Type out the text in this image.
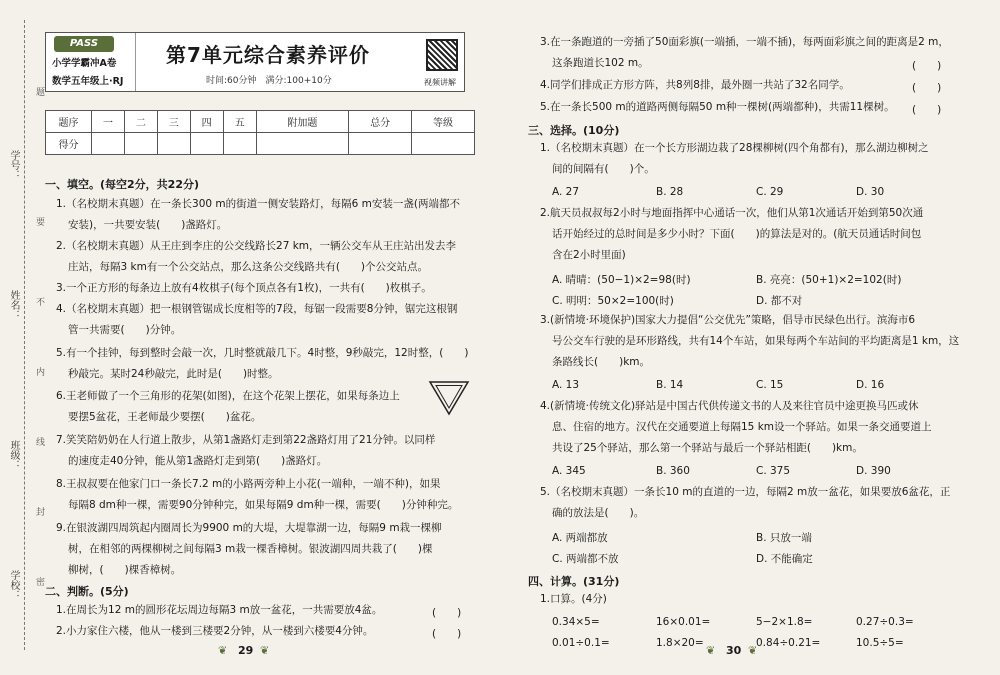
学号：
姓名：
班级：
学校：
题
要
不
内
线
封
密
PASS
小学学霸冲A卷
数学五年级上·RJ
第7单元综合素养评价
时间:60分钟　满分:100+10分	视频讲解
题序	一	二	三	四	五	附加题	总分	等级
得分								
一、填空。(每空2分，共22分)
1.（名校期末真题）在一条长300 m的街道一侧安装路灯，每隔6 m安装一盏(两端都不
安装)，一共要安装(　　)盏路灯。
2.（名校期末真题）从王庄到李庄的公交线路长27 km，一辆公交车从王庄站出发去李
庄站，每隔3 km有一个公交站点，那么这条公交线路共有(　　)个公交站点。
3.一个正方形的每条边上放有4枚棋子(每个顶点各有1枚)，一共有(　　)枚棋子。
4.（名校期末真题）把一根钢管锯成长度相等的7段，每锯一段需要8分钟，锯完这根钢
管一共需要(　　)分钟。
5.有一个挂钟，每到整时会敲一次，几时整就敲几下。4时整，9秒敲完，12时整，(　　)
秒敲完。某时24秒敲完，此时是(　　)时整。
6.王老师做了一个三角形的花架(如图)，在这个花架上摆花，如果每条边上
要摆5盆花，王老师最少要摆(　　)盆花。
7.笑笑陪奶奶在人行道上散步，从第1盏路灯走到第22盏路灯用了21分钟。以同样
的速度走40分钟，能从第1盏路灯走到第(　　)盏路灯。
8.王叔叔要在他家门口一条长7.2 m的小路两旁种上小花(一端种，一端不种)，如果
每隔8 dm种一棵，需要90分钟种完，如果每隔9 dm种一棵，需要(　　)分钟种完。
9.在银波湖四周筑起内圈周长为9900 m的大堤，大堤靠湖一边，每隔9 m栽一棵柳
树，在相邻的两棵柳树之间每隔3 m栽一棵香樟树。银波湖四周共栽了(　　)棵
柳树，(　　)棵香樟树。
二、判断。(5分)
1.在周长为12 m的圆形花坛周边每隔3 m放一盆花，一共需要放4盆。	(　　)
2.小力家住六楼，他从一楼到三楼要2分钟，从一楼到六楼要4分钟。	(　　)
❦ 29 ❦
3.在一条跑道的一旁插了50面彩旗(一端插，一端不插)，每两面彩旗之间的距离是2 m，
这条跑道长102 m。	(　　)
4.同学们排成正方形方阵，共8列8排，最外圈一共站了32名同学。	(　　)
5.在一条长500 m的道路两侧每隔50 m种一棵树(两端都种)，共需11棵树。 (　　)
三、选择。(10分)
1.（名校期末真题）在一个长方形湖边栽了28棵柳树(四个角都有)，那么湖边柳树之
间的间隔有(　　)个。
A. 27	B. 28	C. 29	D. 30
2.航天员叔叔每2小时与地面指挥中心通话一次，他们从第1次通话开始到第50次通
话开始经过的总时间是多少小时？下面(　　)的算法是对的。(航天员通话时间包
含在2小时里面)
A. 晴晴：(50−1)×2=98(时)	B. 亮亮：(50+1)×2=102(时)
C. 明明：50×2=100(时)	D. 都不对
3.(新情境·环境保护)国家大力提倡“公交优先”策略，倡导市民绿色出行。滨海市6
号公交车行驶的是环形路线，共有14个车站，如果每两个车站间的平均距离是1 km，这
条路线长(　　)km。
A. 13	B. 14	C. 15	D. 16
4.(新情境·传统文化)驿站是中国古代供传递文书的人及来往官员中途更换马匹或休
息、住宿的地方。汉代在交通要道上每隔15 km设一个驿站。如果一条交通要道上
共设了25个驿站，那么第一个驿站与最后一个驿站相距(　　)km。
A. 345	B. 360	C. 375	D. 390
5.（名校期末真题）一条长10 m的直道的一边，每隔2 m放一盆花，如果要放6盆花，正
确的放法是(　　)。
A. 两端都放	B. 只放一端
C. 两端都不放	D. 不能确定
四、计算。(31分)
1.口算。(4分)
0.34×5=	16×0.01=	5−2×1.8=	0.27÷0.3=
0.01÷0.1=	1.8×20=	0.84÷0.21=	10.5÷5=
❦ 30 ❦
